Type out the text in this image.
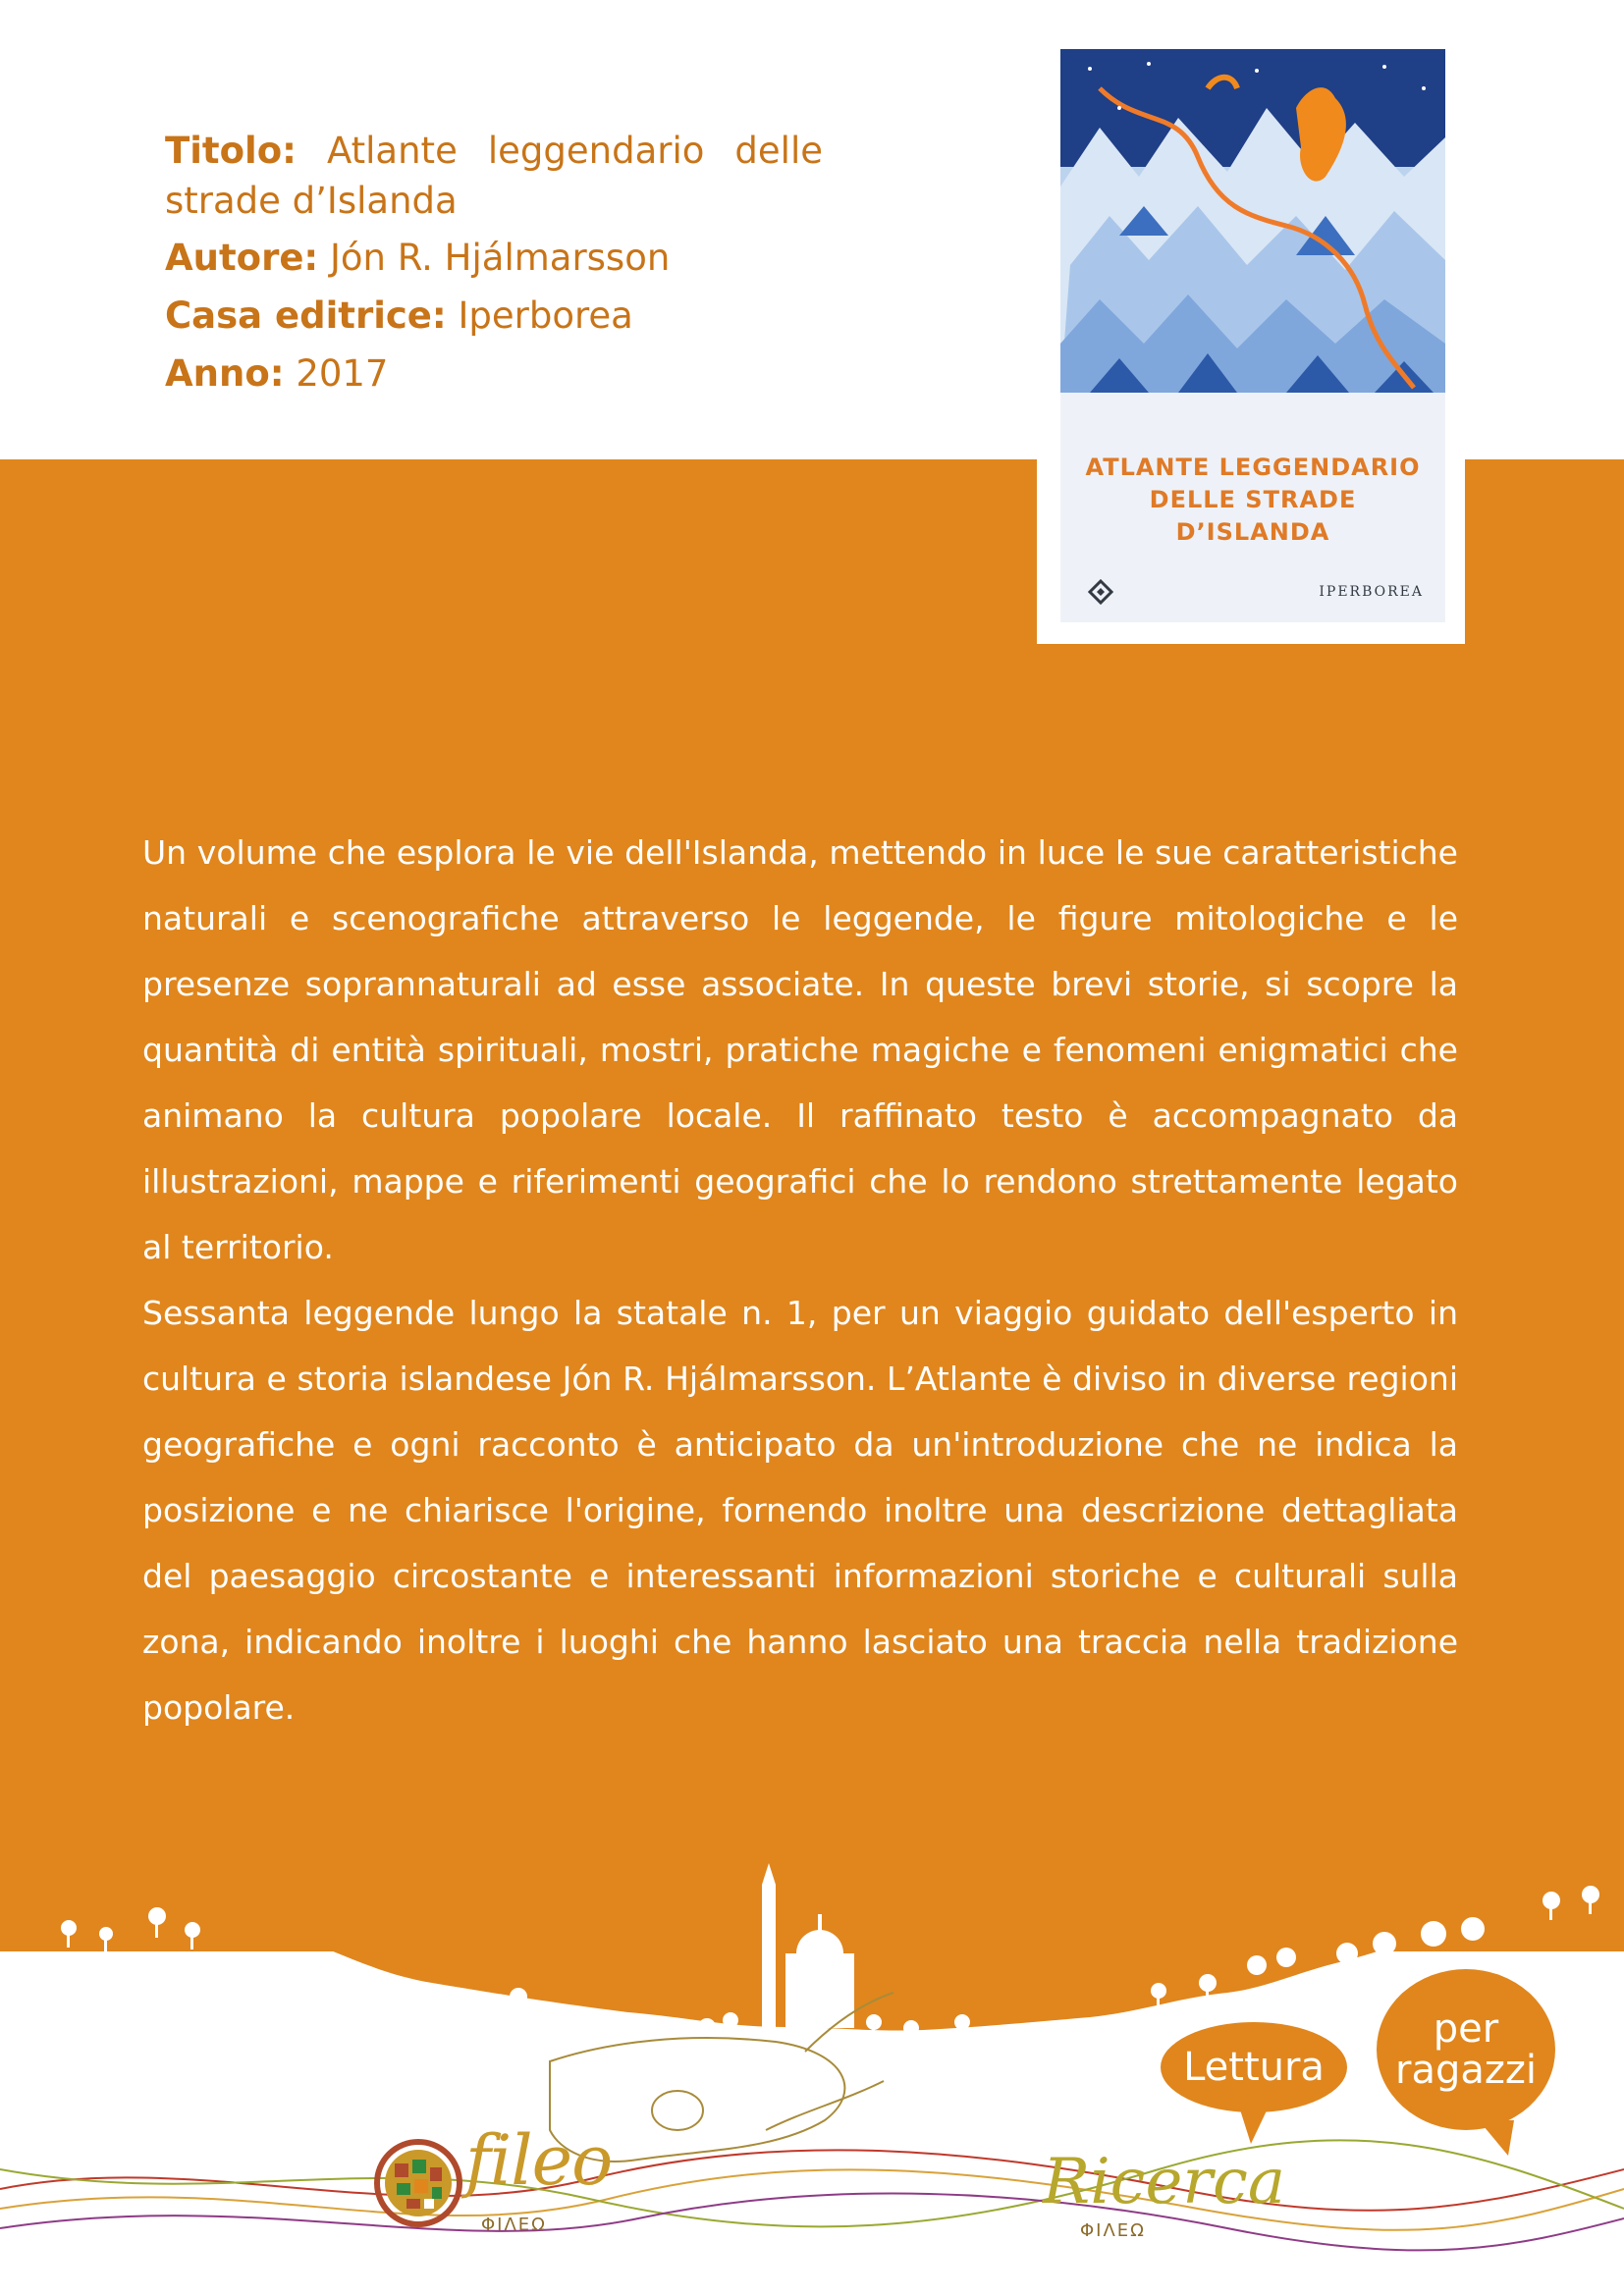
Titolo: Atlante leggendario delle strade d’Islanda
Autore: Jón R. Hjálmarsson
Casa editrice: Iperborea
Anno: 2017
ATLANTE LEGGENDARIO
DELLE STRADE
D’ISLANDA
IPERBOREA

Un volume che esplora le vie dell'Islanda, mettendo in luce le sue caratteristiche naturali e scenografiche attraverso le leggende, le figure mitologiche e le presenze soprannaturali ad esse associate. In queste brevi storie, si scopre la quantità di entità spirituali, mostri, pratiche magiche e fenomeni enigmatici che animano la cultura popolare locale. Il raffinato testo è accompagnato da illustrazioni, mappe e riferimenti geografici che lo rendono strettamente legato al territorio.

Sessanta leggende lungo la statale n. 1, per un viaggio guidato dell'esperto in cultura e storia islandese Jón R. Hjálmarsson. L’Atlante è diviso in diverse regioni geografiche e ogni racconto è anticipato da un'introduzione che ne indica la posizione e ne chiarisce l'origine, fornendo inoltre una descrizione dettagliata del paesaggio circostante e interessanti informazioni storiche e culturali sulla zona, indicando inoltre i luoghi che hanno lasciato una traccia nella tradizione popolare.

fileo
ΦΙΛΕΩ
Ricerca
ΦΙΛΕΩ
Lettura
per
ragazzi
